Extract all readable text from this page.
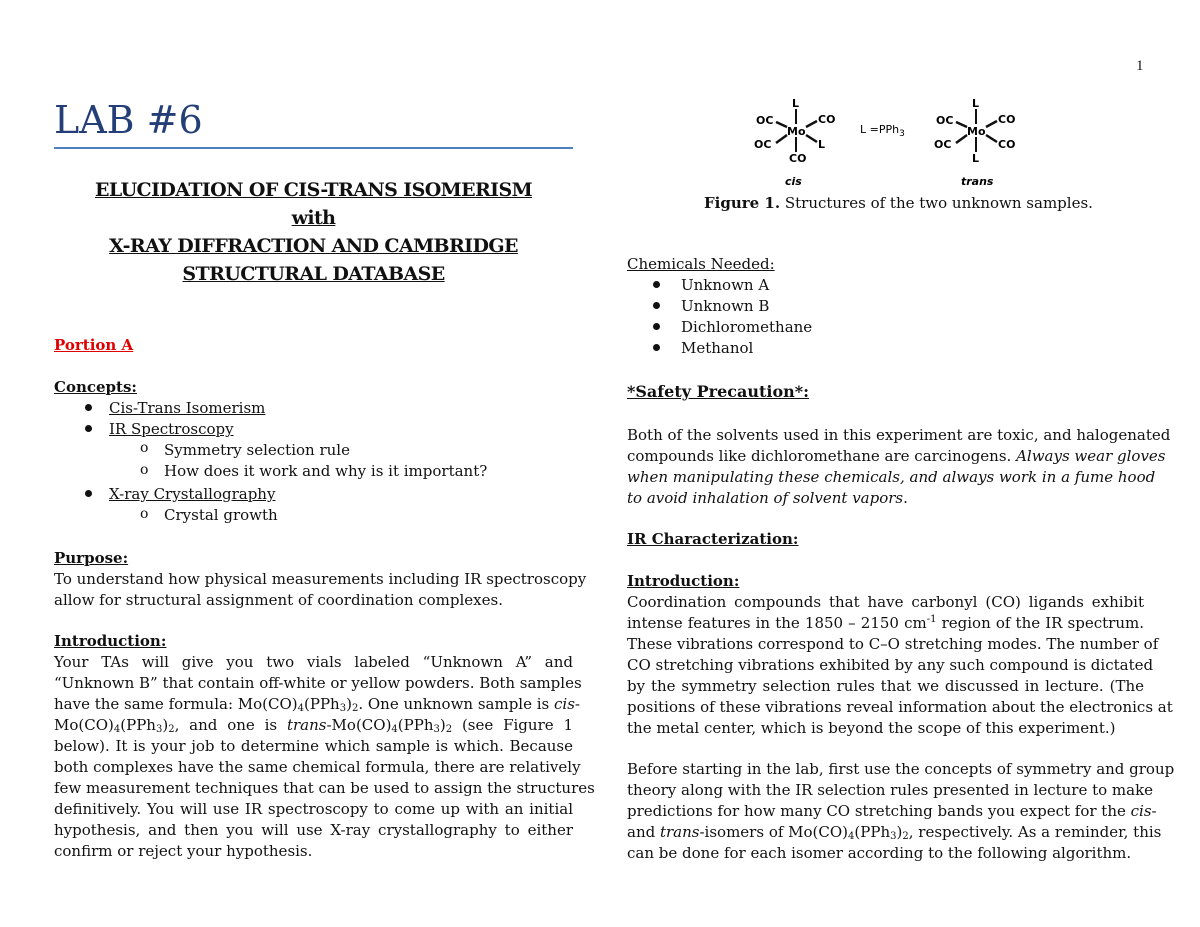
1
LAB #6
ELUCIDATION OF CIS-TRANS ISOMERISM
with
X-RAY DIFFRACTION AND CAMBRIDGE
STRUCTURAL DATABASE
Portion A
Concepts:
Cis-Trans Isomerism
IR Spectroscopy
o Symmetry selection rule
o How does it work and why is it important?
X-ray Crystallography
o Crystal growth
Purpose:
To understand how physical measurements including IR spectroscopy
allow for structural assignment of coordination complexes.
Introduction:
Your TAs will give you two vials labeled “Unknown A” and
“Unknown B” that contain off-white or yellow powders. Both samples
have the same formula: $Mo(CO)_4(PPh_3)_2$. One unknown sample is cis-
$Mo(CO)_4(PPh_3)_2$, and one is trans-$Mo(CO)_4(PPh_3)_2$ (see Figure 1
below). It is your job to determine which sample is which. Because
both complexes have the same chemical formula, there are relatively
few measurement techniques that can be used to assign the structures
definitively. You will use IR spectroscopy to come up with an initial
hypothesis, and then you will use X-ray crystallography to either
confirm or reject your hypothesis.
L
Mo
OC
OC
CO
L
CO
cis
L =PPh$_3$
L
Mo
OC
OC
CO
CO
L
trans
Figure 1. Structures of the two unknown samples.
Chemicals Needed:
Unknown A
Unknown B
Dichloromethane
Methanol
*Safety Precaution*:
Both of the solvents used in this experiment are toxic, and halogenated
compounds like dichloromethane are carcinogens. Always wear gloves
when manipulating these chemicals, and always work in a fume hood
to avoid inhalation of solvent vapors.
IR Characterization:
Introduction:
Coordination compounds that have carbonyl (CO) ligands exhibit
intense features in the 1850 – 2150 $cm^{-1}$ region of the IR spectrum.
These vibrations correspond to C–O stretching modes. The number of
CO stretching vibrations exhibited by any such compound is dictated
by the symmetry selection rules that we discussed in lecture. (The
positions of these vibrations reveal information about the electronics at
the metal center, which is beyond the scope of this experiment.)
Before starting in the lab, first use the concepts of symmetry and group
theory along with the IR selection rules presented in lecture to make
predictions for how many CO stretching bands you expect for the cis-
and trans-isomers of $Mo(CO)_4(PPh_3)_2$, respectively. As a reminder, this
can be done for each isomer according to the following algorithm.
